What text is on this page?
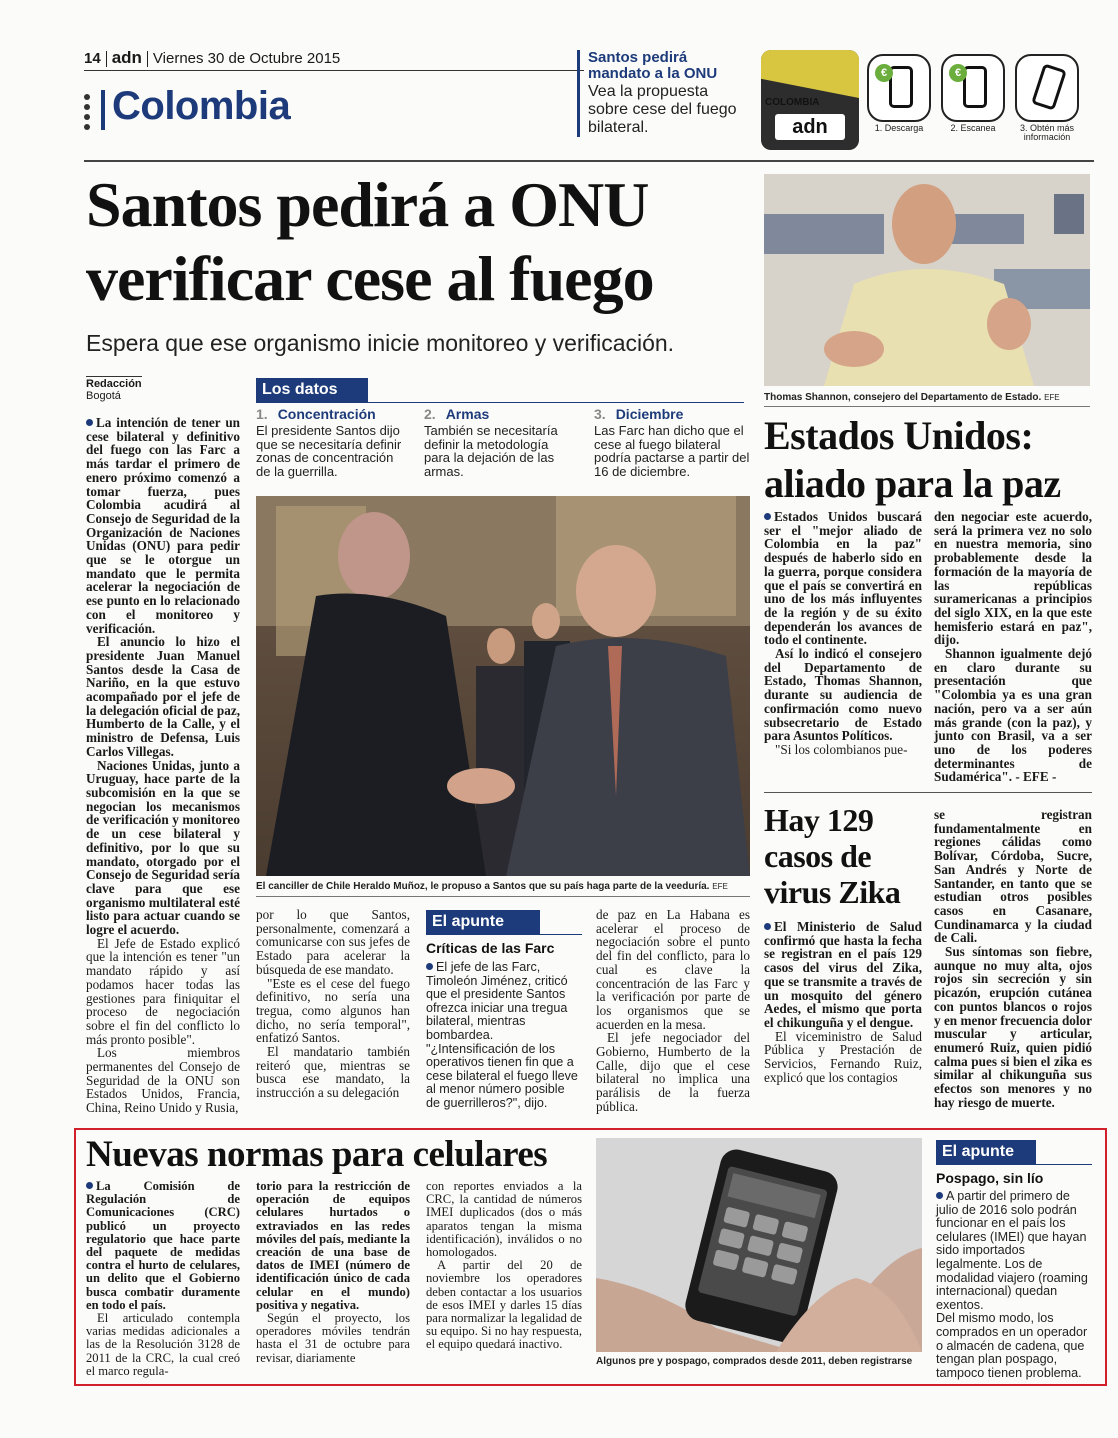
14 adn Viernes 30 de Octubre 2015
Colombia
Santos pedirá mandato a la ONU
Vea la propuesta sobre cese del fuego bilateral.
COLOMBIA
adn
€	€
1. Descarga	2. Escanea	3. Obtén más información
Santos pedirá a ONU
verificar cese al fuego
Espera que ese organismo inicie monitoreo y verificación.
Redacción
Bogotá

La intención de tener un cese bilateral y definitivo del fuego con las Farc a más tardar el primero de enero próximo comenzó a tomar fuerza, pues Colombia acudirá al Consejo de Seguridad de la Organización de Naciones Unidas (ONU) para pedir que se le otorgue un mandato que le permita acelerar la negociación de ese punto en lo relacionado con el monitoreo y verificación.

El anuncio lo hizo el presidente Juan Manuel Santos desde la Casa de Nariño, en la que estuvo acompañado por el jefe de la delegación oficial de paz, Humberto de la Calle, y el ministro de Defensa, Luis Carlos Villegas.

Naciones Unidas, junto a Uruguay, hace parte de la subcomisión en la que se negocian los mecanismos de verificación y monitoreo de un cese bilateral y definitivo, por lo que su mandato, otorgado por el Consejo de Seguridad sería clave para que ese organismo multilateral esté listo para actuar cuando se logre el acuerdo.

El Jefe de Estado explicó que la intención es tener "un mandato rápido y así podamos hacer todas las gestiones para finiquitar el proceso de negociación sobre el fin del conflicto lo más pronto posible".

Los miembros permanentes del Consejo de Seguridad de la ONU son Estados Unidos, Francia, China, Reino Unido y Rusia,

Los datos
1. Concentración
El presidente Santos dijo que se necesitaría definir zonas de concentración de la guerrilla.
2. Armas
También se necesitaría definir la metodología para la dejación de las armas.
3. Diciembre
Las Farc han dicho que el cese al fuego bilateral podría pactarse a partir del 16 de diciembre.
El canciller de Chile Heraldo Muñoz, le propuso a Santos que su país haga parte de la veeduría. EFE

por lo que Santos, personalmente, comenzará a comunicarse con sus jefes de Estado para acelerar la búsqueda de ese mandato.

"Este es el cese del fuego definitivo, no sería una tregua, como algunos han dicho, no sería temporal", enfatizó Santos.

El mandatario también reiteró que, mientras se busca ese mandato, la instrucción a su delegación

El apunte
Críticas de las Farc
El jefe de las Farc, Timoleón Jiménez, criticó que el presidente Santos ofrezca iniciar una tregua bilateral, mientras bombardea. "¿Intensificación de los operativos tienen fin que a cese bilateral el fuego lleve al menor número posible de guerrilleros?", dijo.

de paz en La Habana es acelerar el proceso de negociación sobre el punto del fin del conflicto, para lo cual es clave la concentración de las Farc y la verificación por parte de los organismos que se acuerden en la mesa.

El jefe negociador del Gobierno, Humberto de la Calle, dijo que el cese bilateral no implica una parálisis de la fuerza pública.

Thomas Shannon, consejero del Departamento de Estado. EFE
Estados Unidos:
aliado para la paz

Estados Unidos buscará ser el "mejor aliado de Colombia en la paz" después de haberlo sido en la guerra, porque considera que el país se convertirá en uno de los más influyentes de la región y de su éxito dependerán los avances de todo el continente.

Así lo indicó el consejero del Departamento de Estado, Thomas Shannon, durante su audiencia de confirmación como nuevo subsecretario de Estado para Asuntos Políticos.

"Si los colombianos pue-

den negociar este acuerdo, será la primera vez no solo en nuestra memoria, sino probablemente desde la formación de la mayoría de las repúblicas suramericanas a principios del siglo XIX, en la que este hemisferio estará en paz", dijo.

Shannon igualmente dejó en claro durante su presentación que "Colombia ya es una gran nación, pero va a ser aún más grande (con la paz), y junto con Brasil, va a ser uno de los poderes determinantes de Sudamérica". - EFE -

Hay 129
casos de
virus Zika

El Ministerio de Salud confirmó que hasta la fecha se registran en el país 129 casos del virus del Zika, que se transmite a través de un mosquito del género Aedes, el mismo que porta el chikunguña y el dengue.

El viceministro de Salud Pública y Prestación de Servicios, Fernando Ruiz, explicó que los contagios

se registran fundamentalmente en regiones cálidas como Bolívar, Córdoba, Sucre, San Andrés y Norte de Santander, en tanto que se estudian otros posibles casos en Casanare, Cundinamarca y la ciudad de Cali.

Sus síntomas son fiebre, aunque no muy alta, ojos rojos sin secreción y sin picazón, erupción cutánea con puntos blancos o rojos y en menor frecuencia dolor muscular y articular, enumeró Ruiz, quien pidió calma pues si bien el zika es similar al chikunguña sus efectos son menores y no hay riesgo de muerte.

Nuevas normas para celulares

La Comisión de Regulación de Comunicaciones (CRC) publicó un proyecto regulatorio que hace parte del paquete de medidas contra el hurto de celulares, un delito que el Gobierno busca combatir duramente en todo el país.

El articulado contempla varias medidas adicionales a las de la Resolución 3128 de 2011 de la CRC, la cual creó el marco regula-

torio para la restricción de operación de equipos celulares hurtados o extraviados en las redes móviles del país, mediante la creación de una base de datos de IMEI (número de identificación único de cada celular en el mundo) positiva y negativa.

Según el proyecto, los operadores móviles tendrán hasta el 31 de octubre para revisar, diariamente

con reportes enviados a la CRC, la cantidad de números IMEI duplicados (dos o más aparatos tengan la misma identificación), inválidos o no homologados.

A partir del 20 de noviembre los operadores deben contactar a los usuarios de esos IMEI y darles 15 días para normalizar la legalidad de su equipo. Si no hay respuesta, el equipo quedará inactivo.

Algunos pre y pospago, comprados desde 2011, deben registrarse
El apunte
Pospago, sin lío
A partir del primero de julio de 2016 solo podrán funcionar en el país los celulares (IMEI) que hayan sido importados legalmente. Los de modalidad viajero (roaming internacional) quedan exentos.
Del mismo modo, los comprados en un operador o almacén de cadena, que tengan plan pospago, tampoco tienen problema.
